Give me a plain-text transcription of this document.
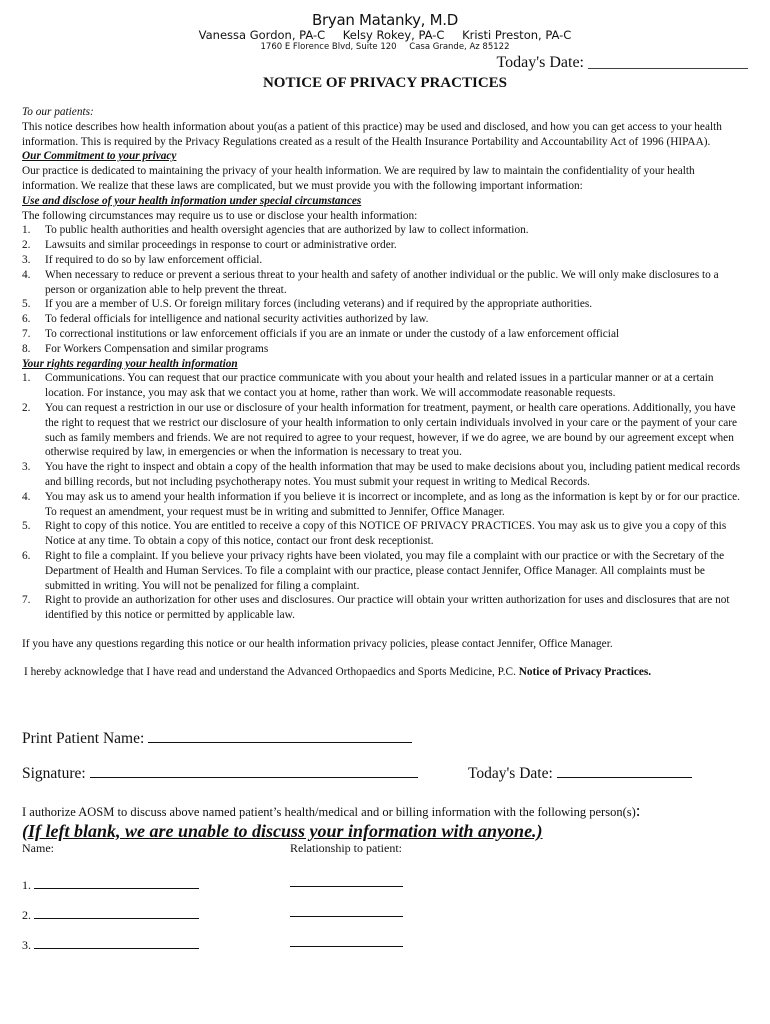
Bryan Matanky, M.D
Vanessa Gordon, PA-C Kelsy Rokey, PA-C Kristi Preston, PA-C
1760 E Florence Blvd, Suite 120 Casa Grande, Az 85122
Today's Date: ____________________
NOTICE OF PRIVACY PRACTICES

To our patients:

This notice describes how health information about you(as a patient of this practice) may be used and disclosed, and how you can get access to your health information. This is required by the Privacy Regulations created as a result of the Health Insurance Portability and Accountability Act of 1996 (HIPAA).

Our Commitment to your privacy

Our practice is dedicated to maintaining the privacy of your health information. We are required by law to maintain the confidentiality of your health information. We realize that these laws are complicated, but we must provide you with the following important information:

Use and disclose of your health information under special circumstances

The following circumstances may require us to use or disclose your health information:

1. To public health authorities and health oversight agencies that are authorized by law to collect information.
2. Lawsuits and similar proceedings in response to court or administrative order.
3. If required to do so by law enforcement official.
4. When necessary to reduce or prevent a serious threat to your health and safety of another individual or the public. We will only make disclosures to a person or organization able to help prevent the threat.
5. If you are a member of U.S. Or foreign military forces (including veterans) and if required by the appropriate authorities.
6. To federal officials for intelligence and national security activities authorized by law.
7. To correctional institutions or law enforcement officials if you are an inmate or under the custody of a law enforcement official
8. For Workers Compensation and similar programs

Your rights regarding your health information

1. Communications. You can request that our practice communicate with you about your health and related issues in a particular manner or at a certain location. For instance, you may ask that we contact you at home, rather than work. We will accommodate reasonable requests.
2. You can request a restriction in our use or disclosure of your health information for treatment, payment, or health care operations. Additionally, you have the right to request that we restrict our disclosure of your health information to only certain individuals involved in your care or the payment of your care such as family members and friends. We are not required to agree to your request, however, if we do agree, we are bound by our agreement except when otherwise required by law, in emergencies or when the information is necessary to treat you.
3. You have the right to inspect and obtain a copy of the health information that may be used to make decisions about you, including patient medical records and billing records, but not including psychotherapy notes. You must submit your request in writing to Medical Records.
4. You may ask us to amend your health information if you believe it is incorrect or incomplete, and as long as the information is kept by or for our practice. To request an amendment, your request must be in writing and submitted to Jennifer, Office Manager.
5. Right to copy of this notice. You are entitled to receive a copy of this NOTICE OF PRIVACY PRACTICES. You may ask us to give you a copy of this Notice at any time. To obtain a copy of this notice, contact our front desk receptionist.
6. Right to file a complaint. If you believe your privacy rights have been violated, you may file a complaint with our practice or with the Secretary of the Department of Health and Human Services. To file a complaint with our practice, please contact Jennifer, Office Manager. All complaints must be submitted in writing. You will not be penalized for filing a complaint.
7. Right to provide an authorization for other uses and disclosures. Our practice will obtain your written authorization for uses and disclosures that are not identified by this notice or permitted by applicable law.

If you have any questions regarding this notice or our health information privacy policies, please contact Jennifer, Office Manager.

I hereby acknowledge that I have read and understand the Advanced Orthopaedics and Sports Medicine, P.C. Notice of Privacy Practices.

Print Patient Name:
Signature:	Today's Date:
I authorize AOSM to discuss above named patient’s health/medical and or billing information with the following person(s):
(If left blank, we are unable to discuss your information with anyone.)
Name:	Relationship to patient:
1.
2.
3.
